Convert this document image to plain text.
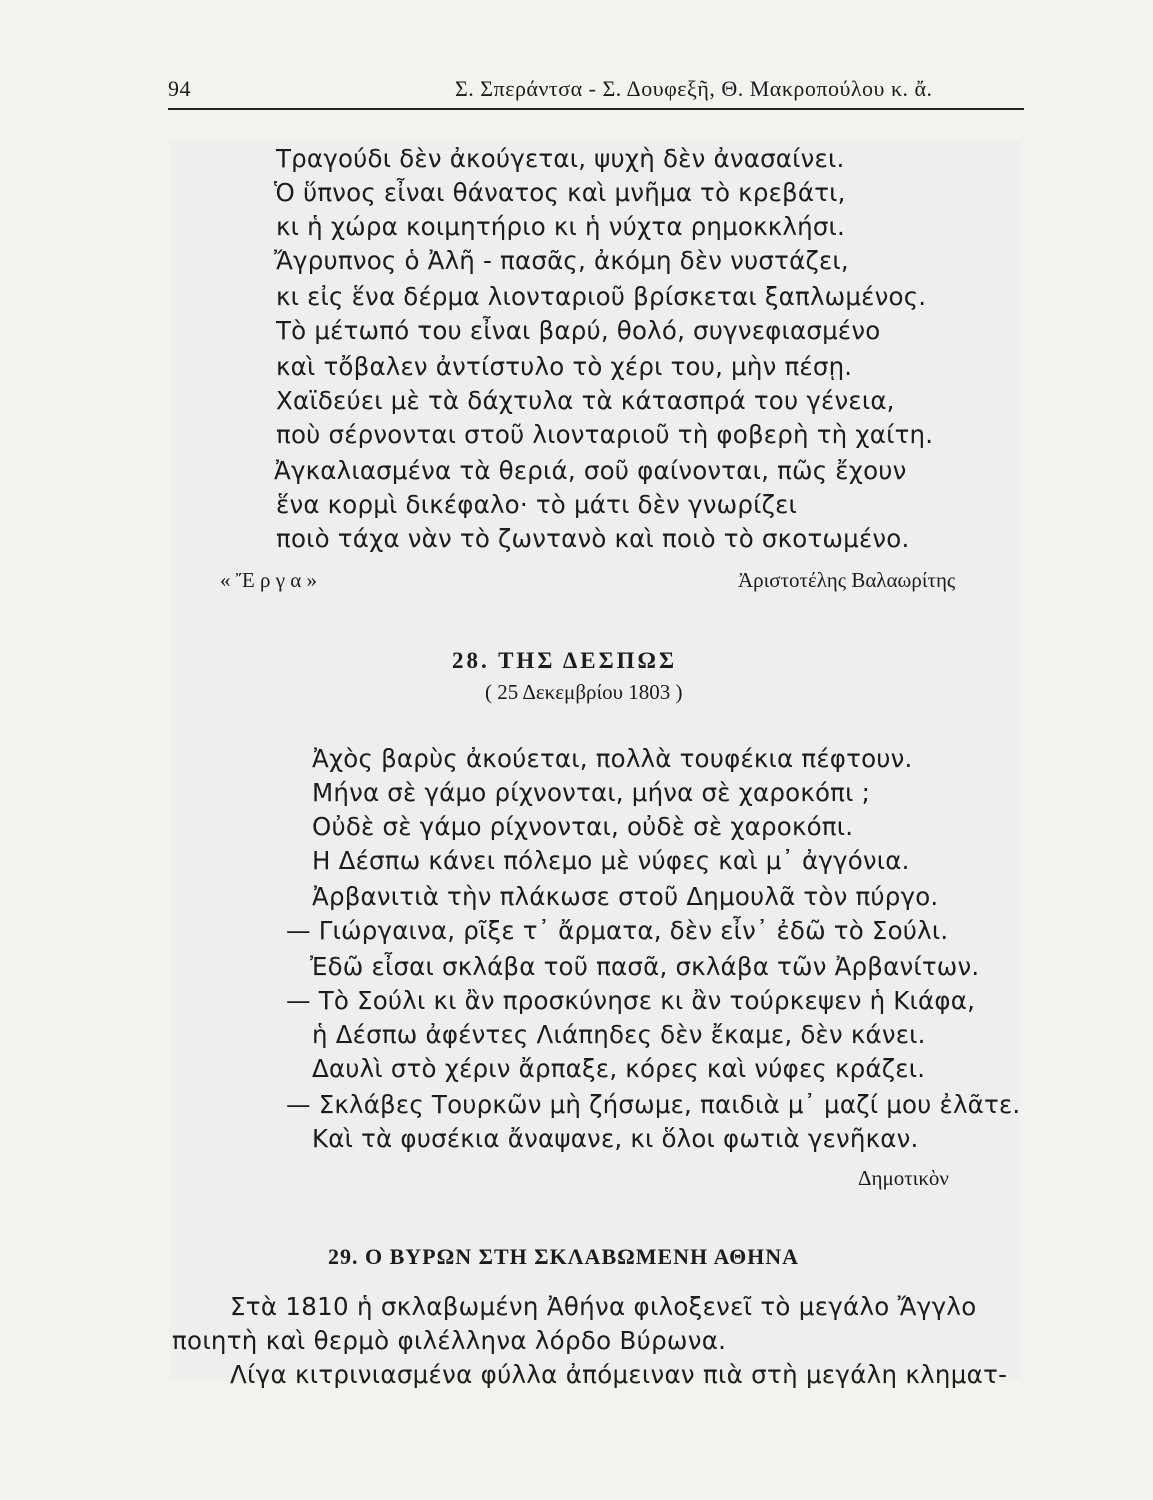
94	Σ. Σπεράντσα - Σ. Δουφεξῆ, Θ. Μακροπούλου κ. ἄ.
Τραγούδι δὲν ἀκούγεται, ψυχὴ δὲν ἀνασαίνει.
Ὁ ὕπνος εἶναι θάνατος καὶ μνῆμα τὸ κρεβάτι,
κι ἡ χώρα κοιμητήριο κι ἡ νύχτα ρημοκκλήσι.
Ἄγρυπνος ὁ Ἀλῆ - πασᾶς, ἀκόμη δὲν νυστάζει,
κι εἰς ἕνα δέρμα λιονταριοῦ βρίσκεται ξαπλωμένος.
Τὸ μέτωπό του εἶναι βαρύ, θολό, συγνεφιασμένο
καὶ τὄβαλεν ἀντίστυλο τὸ χέρι του, μὴν πέσῃ.
Χαϊδεύει μὲ τὰ δάχτυλα τὰ κάτασπρά του γένεια,
ποὺ σέρνονται στοῦ λιονταριοῦ τὴ φοβερὴ τὴ χαίτη.
Ἀγκαλιασμένα τὰ θεριά, σοῦ φαίνονται, πῶς ἔχουν
ἕνα κορμὶ δικέφαλο· τὸ μάτι δὲν γνωρίζει
ποιὸ τάχα νὰν τὸ ζωντανὸ καὶ ποιὸ τὸ σκοτωμένο.
« Ἔ ρ γ α »	Ἀριστοτέλης Βαλαωρίτης
28. ΤΗΣ ΔΕΣΠΩΣ
( 25 Δεκεμβρίου 1803 )
Ἀχὸς βαρὺς ἀκούεται, πολλὰ τουφέκια πέφτουν.
Μήνα σὲ γάμο ρίχνονται, μήνα σὲ χαροκόπι ;
Οὐδὲ σὲ γάμο ρίχνονται, οὐδὲ σὲ χαροκόπι.
Η Δέσπω κάνει πόλεμο μὲ νύφες καὶ μ᾿ ἀγγόνια.
Ἀρβανιτιὰ τὴν πλάκωσε στοῦ Δημουλᾶ τὸν πύργο.
— Γιώργαινα, ρῖξε τ᾿ ἄρματα, δὲν εἶν᾿ ἐδῶ τὸ Σούλι.
Ἐδῶ εἶσαι σκλάβα τοῦ πασᾶ, σκλάβα τῶν Ἀρβανίτων.
— Τὸ Σούλι κι ἂν προσκύνησε κι ἂν τούρκεψεν ἡ Κιάφα,
ἡ Δέσπω ἀφέντες Λιάπηδες δὲν ἔκαμε, δὲν κάνει.
Δαυλὶ στὸ χέριν ἄρπαξε, κόρες καὶ νύφες κράζει.
— Σκλάβες Τουρκῶν μὴ ζήσωμε, παιδιὰ μ᾿ μαζί μου ἐλᾶτε.
Καὶ τὰ φυσέκια ἄναψανε, κι ὅλοι φωτιὰ γενῆκαν.
Δημοτικὸν
29. Ο ΒΥΡΩΝ ΣΤΗ ΣΚΛΑΒΩΜΕΝΗ ΑΘΗΝΑ
Στὰ 1810 ἡ σκλαβωμένη Ἀθήνα φιλοξενεῖ τὸ μεγάλο Ἄγγλο
ποιητὴ καὶ θερμὸ φιλέλληνα λόρδο Βύρωνα.
Λίγα κιτρινιασμένα φύλλα ἀπόμειναν πιὰ στὴ μεγάλη κληματ-
